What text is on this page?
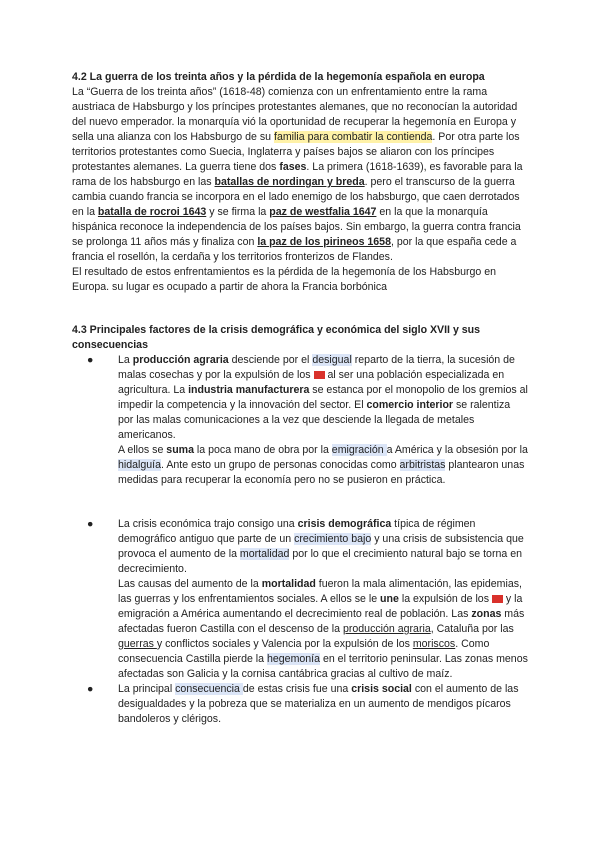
4.2 La guerra de los treinta años y la pérdida de la hegemonía española en europa

La “Guerra de los treinta años” (1618-48) comienza con un enfrentamiento entre la rama austriaca de Habsburgo y los príncipes protestantes alemanes, que no reconocían la autoridad del nuevo emperador. la monarquía vió la oportunidad de recuperar la hegemonía en Europa y sella una alianza con los Habsburgo de su familia para combatir la contienda. Por otra parte los territorios protestantes como Suecia, Inglaterra y países bajos se aliaron con los príncipes protestantes alemanes. La guerra tiene dos fases. La primera (1618-1639), es favorable para la rama de los habsburgo en las batallas de nordingan y breda. pero el transcurso de la guerra cambia cuando francia se incorpora en el lado enemigo de los habsburgo, que caen derrotados en la batalla de rocroi 1643 y se firma la paz de westfalia 1647 en la que la monarquía hispánica reconoce la independencia de los países bajos. Sin embargo, la guerra contra francia se prolonga 11 años más y finaliza con la paz de los pirineos 1658, por la que españa cede a francia el rosellón, la cerdaña y los territorios fronterizos de Flandes.

El resultado de estos enfrentamientos es la pérdida de la hegemonía de los Habsburgo en Europa. su lugar es ocupado a partir de ahora la Francia borbónica

4.3 Principales factores de la crisis demográfica y económica del siglo XVII y sus consecuencias

● La producción agraria desciende por el desigual reparto de la tierra, la sucesión de malas cosechas y por la expulsión de los  al ser una población especializada en agricultura. La industria manufacturera se estanca por el monopolio de los gremios al impedir la competencia y la innovación del sector. El comercio interior se ralentiza por las malas comunicaciones a la vez que desciende la llegada de metales americanos.
A ellos se suma la poca mano de obra por la emigración a América y la obsesión por la hidalguía. Ante esto un grupo de personas conocidas como arbitristas plantearon unas medidas para recuperar la economía pero no se pusieron en práctica.
● La crisis económica trajo consigo una crisis demográfica típica de régimen demográfico antiguo que parte de un crecimiento bajo y una crisis de subsistencia que provoca el aumento de la mortalidad por lo que el crecimiento natural bajo se torna en decrecimiento.
Las causas del aumento de la mortalidad fueron la mala alimentación, las epidemias, las guerras y los enfrentamientos sociales. A ellos se le une la expulsión de los  y la emigración a América aumentando el decrecimiento real de población. Las zonas más afectadas fueron Castilla con el descenso de la producción agraria, Cataluña por las guerras y conflictos sociales y Valencia por la expulsión de los moriscos. Como consecuencia Castilla pierde la hegemonía en el territorio peninsular. Las zonas menos afectadas son Galicia y la cornisa cantábrica gracias al cultivo de maíz.
● La principal consecuencia de estas crisis fue una crisis social con el aumento de las desigualdades y la pobreza que se materializa en un aumento de mendigos pícaros bandoleros y clérigos.
